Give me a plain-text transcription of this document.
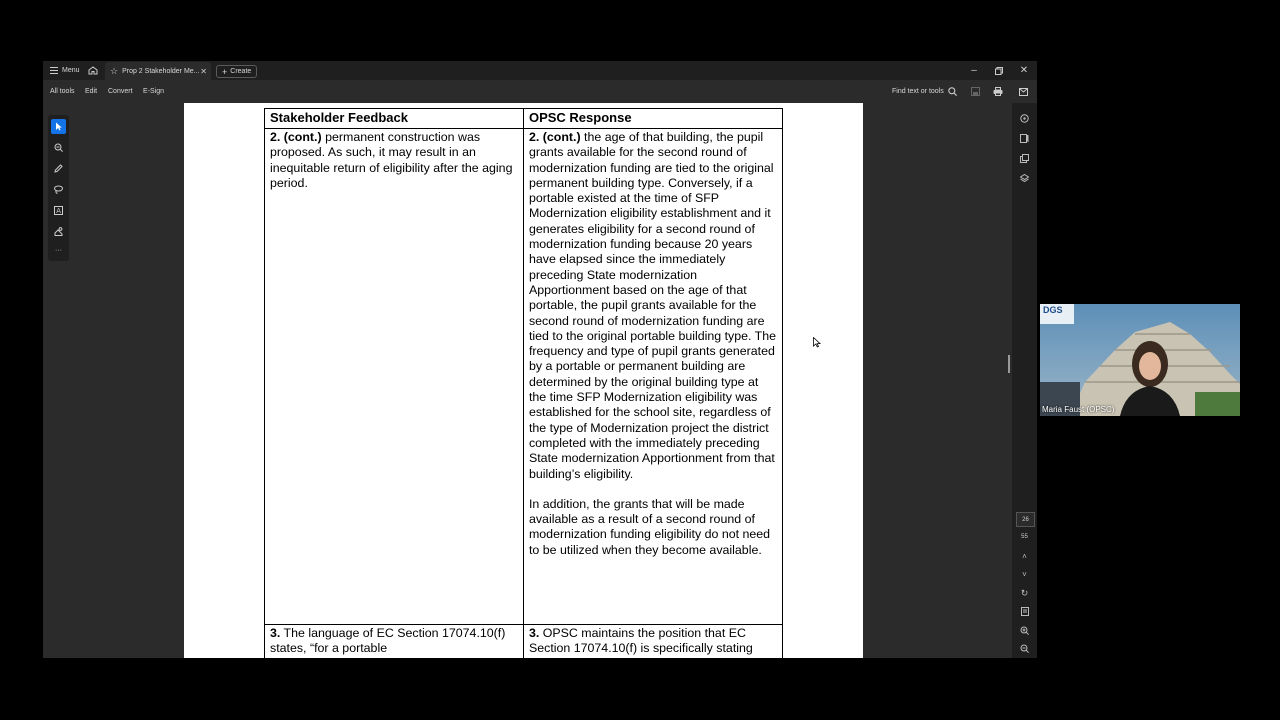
Menu	☆ Prop 2 Stakeholder Me... ✕ + Create	–	✕
All tools Edit Convert E-Sign	Find text or tools
A
···
Stakeholder Feedback	OPSC Response

2. (cont.) permanent construction was proposed. As such, it may result in an inequitable return of eligibility after the aging period.	2. (cont.) the age of that building, the pupil grants available for the second round of modernization funding are tied to the original permanent building type. Conversely, if a portable existed at the time of SFP Modernization eligibility establishment and it generates eligibility for a second round of modernization funding because 20 years have elapsed since the immediately preceding State modernization Apportionment based on the age of that portable, the pupil grants available for the second round of modernization funding are tied to the original portable building type. The frequency and type of pupil grants generated by a portable or permanent building are determined by the original building type at the time SFP Modernization eligibility was established for the school site, regardless of the type of Modernization project the district completed with the immediately preceding State modernization Apportionment from that building’s eligibility.

In addition, the grants that will be made available as a result of a second round of modernization funding eligibility do not need to be utilized when they become available.

3. The language of EC Section 17074.10(f) states, “for a portable	3. OPSC maintains the position that EC Section 17074.10(f) is specifically stating

26
55
˄
˅
↻
DGS
Maria Faust (OPSC)
